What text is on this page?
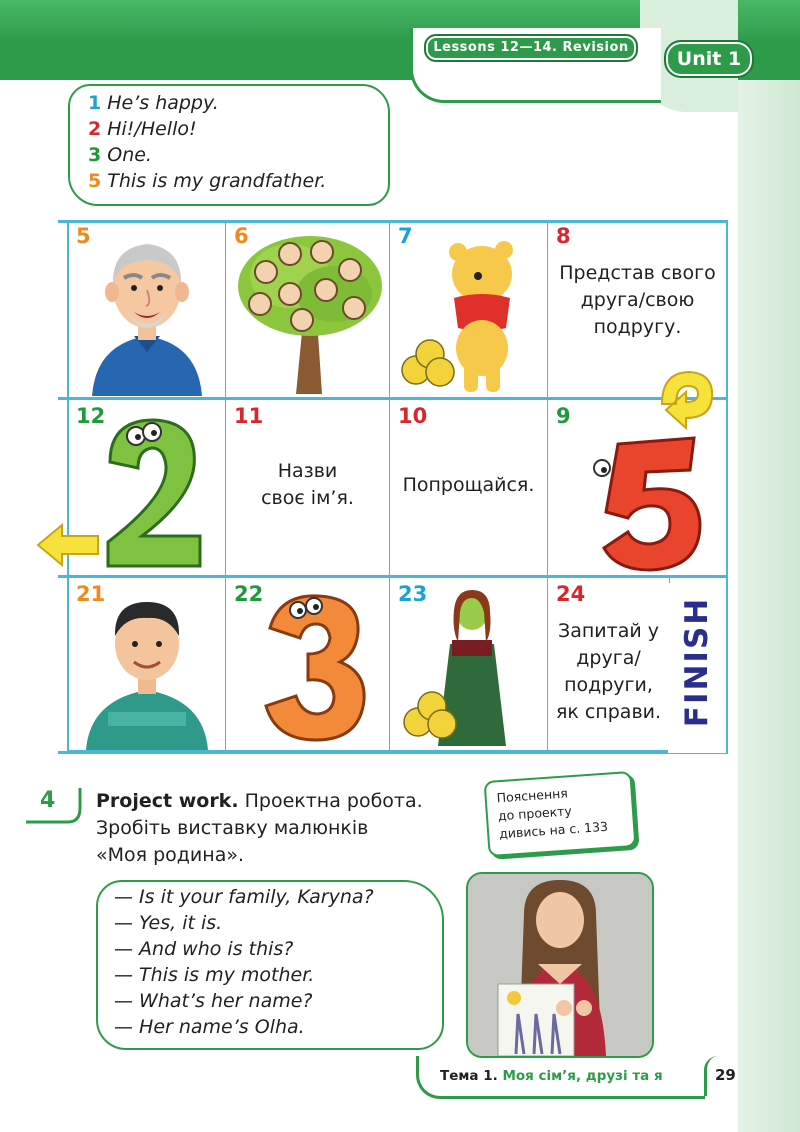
Lessons 12—14. Revision
Unit 1
1 He’s happy.
2 Hi!/Hello!
3 One.
5 This is my grandfather.
5	6	7	8
Представ свого друга/свою подругу.
12	11
Назви своє ім’я.
10
Попрощайся.
9
21	22	23	24
Запитай у друга/ подруги, як справи. FINISH
4 Project work. Проектна робота.
Зробіть виставку малюнків
«Моя родина».
Пояснення
до проекту
дивись на с. 133
— Is it your family, Karyna?
— Yes, it is.
— And who is this?
— This is my mother.
— What’s her name?
— Her name’s Olha.
Тема 1. Моя сім’я, друзі та я	29
